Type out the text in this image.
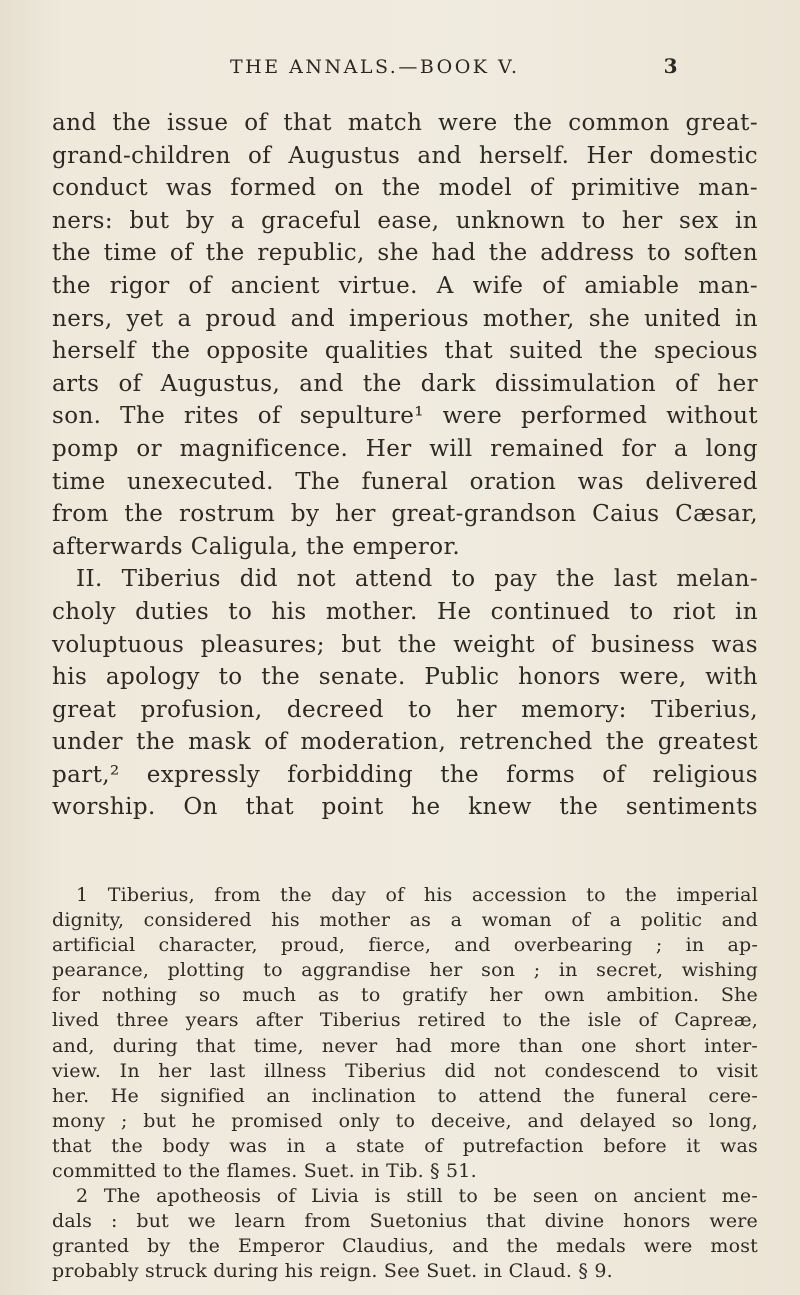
THE ANNALS.—BOOK V.	3
and the issue of that match were the common great-
grand-children of Augustus and herself. Her domestic
conduct was formed on the model of primitive man-
ners: but by a graceful ease, unknown to her sex in
the time of the republic, she had the address to soften
the rigor of ancient virtue. A wife of amiable man-
ners, yet a proud and imperious mother, she united in
herself the opposite qualities that suited the specious
arts of Augustus, and the dark dissimulation of her
son. The rites of sepulture¹ were performed without
pomp or magnificence. Her will remained for a long
time unexecuted. The funeral oration was delivered
from the rostrum by her great-grandson Caius Cæsar,
afterwards Caligula, the emperor.
II. Tiberius did not attend to pay the last melan-
choly duties to his mother. He continued to riot in
voluptuous pleasures; but the weight of business was
his apology to the senate. Public honors were, with
great profusion, decreed to her memory: Tiberius,
under the mask of moderation, retrenched the greatest
part,² expressly forbidding the forms of religious
worship. On that point he knew the sentiments
1 Tiberius, from the day of his accession to the imperial
dignity, considered his mother as a woman of a politic and
artificial character, proud, fierce, and overbearing ; in ap-
pearance, plotting to aggrandise her son ; in secret, wishing
for nothing so much as to gratify her own ambition. She
lived three years after Tiberius retired to the isle of Capreæ,
and, during that time, never had more than one short inter-
view. In her last illness Tiberius did not condescend to visit
her. He signified an inclination to attend the funeral cere-
mony ; but he promised only to deceive, and delayed so long,
that the body was in a state of putrefaction before it was
committed to the flames. Suet. in Tib. § 51.
2 The apotheosis of Livia is still to be seen on ancient me-
dals : but we learn from Suetonius that divine honors were
granted by the Emperor Claudius, and the medals were most
probably struck during his reign. See Suet. in Claud. § 9.
